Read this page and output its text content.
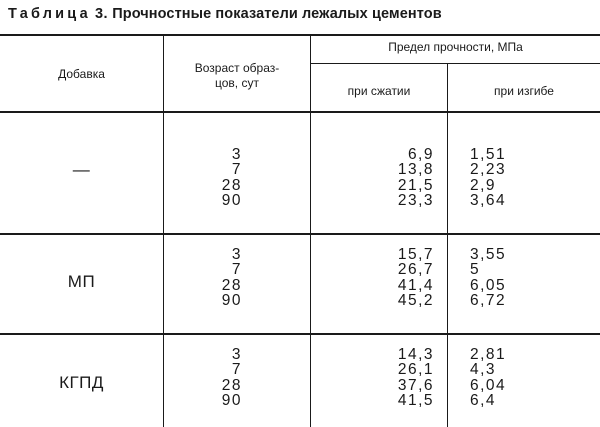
Таблица 3. Прочностные показатели лежалых цементов
Добавка	Возраст образ-
цов, сут
Предел прочности, МПа
при сжатии	при изгибе
—
3
7
28
90
6,9
13,8
21,5
23,3
1,51
2,23
2,9
3,64
МП
3
7
28
90
15,7
26,7
41,4
45,2
3,55
5
6,05
6,72
КГПД
3
7
28
90
14,3
26,1
37,6
41,5
2,81
4,3
6,04
6,4
